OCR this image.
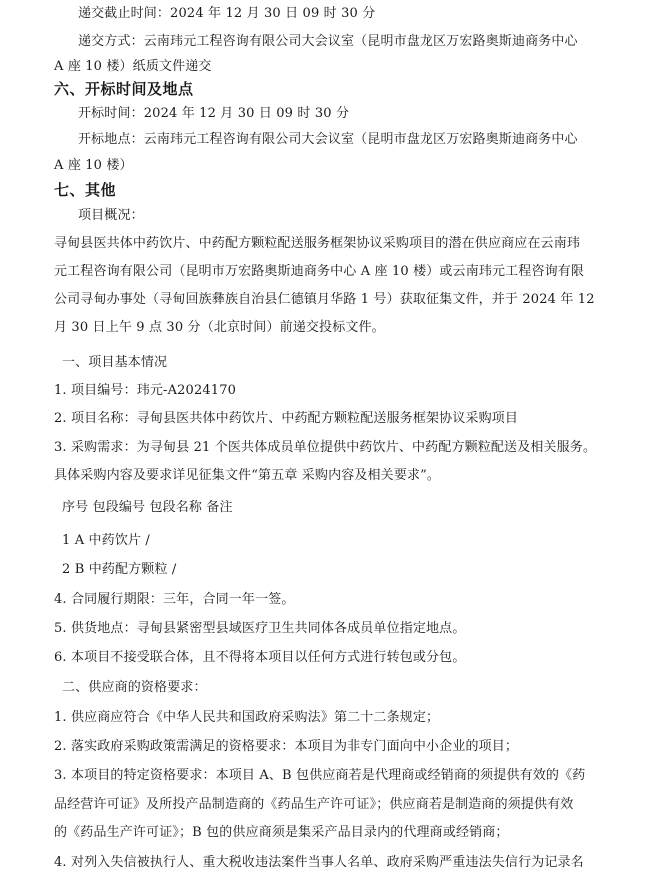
递交截止时间：2024 年 12 月 30 日 09 时 30 分
递交方式：云南玮元工程咨询有限公司大会议室（昆明市盘龙区万宏路奥斯迪商务中心
A 座 10 楼）纸质文件递交
六、开标时间及地点
开标时间：2024 年 12 月 30 日 09 时 30 分
开标地点：云南玮元工程咨询有限公司大会议室（昆明市盘龙区万宏路奥斯迪商务中心
A 座 10 楼）
七、其他
项目概况：
寻甸县医共体中药饮片、中药配方颗粒配送服务框架协议采购项目的潜在供应商应在云南玮
元工程咨询有限公司（昆明市万宏路奥斯迪商务中心 A 座 10 楼）或云南玮元工程咨询有限
公司寻甸办事处（寻甸回族彝族自治县仁德镇月华路 1 号）获取征集文件，并于 2024 年 12
月 30 日上午 9 点 30 分（北京时间）前递交投标文件。
一、项目基本情况
1. 项目编号：玮元-A2024170
2. 项目名称：寻甸县医共体中药饮片、中药配方颗粒配送服务框架协议采购项目
3. 采购需求：为寻甸县 21 个医共体成员单位提供中药饮片、中药配方颗粒配送及相关服务。
具体采购内容及要求详见征集文件“第五章 采购内容及相关要求”。
序号 包段编号 包段名称 备注
1 A 中药饮片 /
2 B 中药配方颗粒 /
4. 合同履行期限：三年，合同一年一签。
5. 供货地点：寻甸县紧密型县域医疗卫生共同体各成员单位指定地点。
6. 本项目不接受联合体，且不得将本项目以任何方式进行转包或分包。
二、供应商的资格要求：
1. 供应商应符合《中华人民共和国政府采购法》第二十二条规定；
2. 落实政府采购政策需满足的资格要求：本项目为非专门面向中小企业的项目；
3. 本项目的特定资格要求：本项目 A、B 包供应商若是代理商或经销商的须提供有效的《药
品经营许可证》及所投产品制造商的《药品生产许可证》；供应商若是制造商的须提供有效
的《药品生产许可证》；B 包的供应商须是集采产品目录内的代理商或经销商；
4. 对列入失信被执行人、重大税收违法案件当事人名单、政府采购严重违法失信行为记录名
